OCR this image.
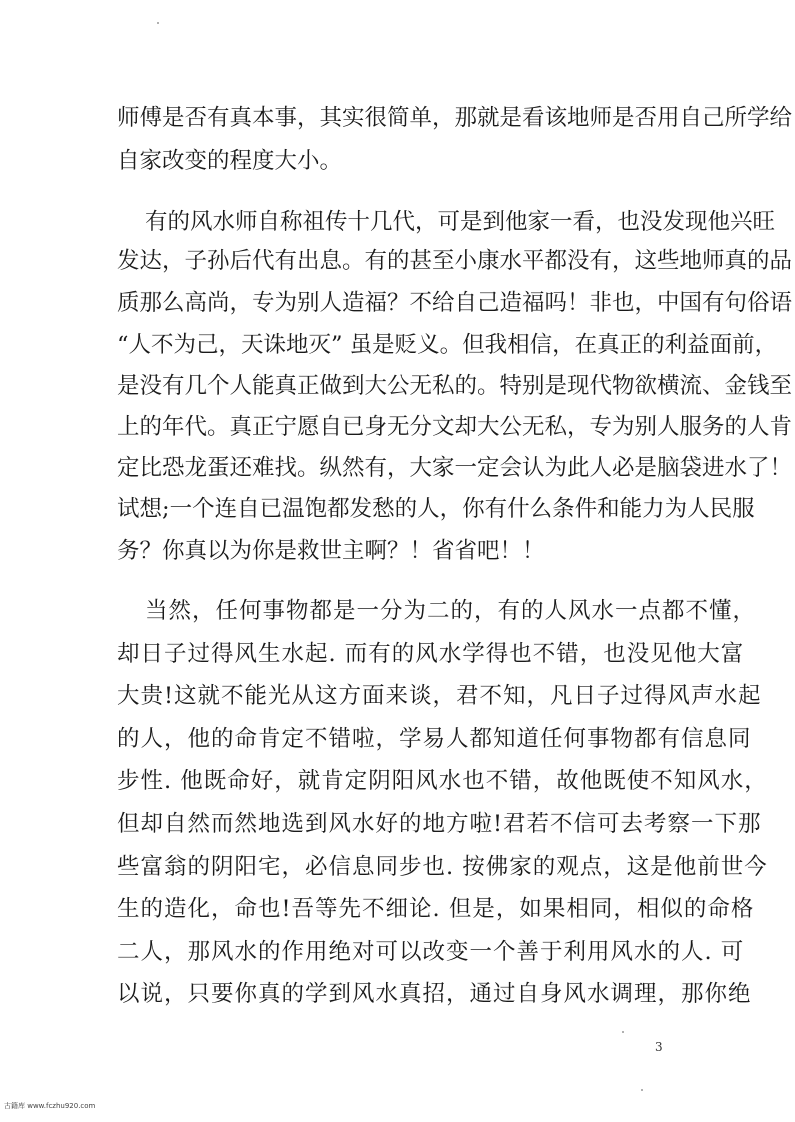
师傅是否有真本事，其实很简单，那就是看该地师是否用自己所学给
自家改变的程度大小。
有的风水师自称祖传十几代，可是到他家一看，也没发现他兴旺
发达，子孙后代有出息。有的甚至小康水平都没有，这些地师真的品
质那么高尚，专为别人造福？不给自己造福吗！非也，中国有句俗语
“人不为己，天诛地灭” 虽是贬义。但我相信，在真正的利益面前，
是没有几个人能真正做到大公无私的。特别是现代物欲横流、金钱至
上的年代。真正宁愿自已身无分文却大公无私，专为别人服务的人肯
定比恐龙蛋还难找。纵然有，大家一定会认为此人必是脑袋进水了！
试想;一个连自已温饱都发愁的人，你有什么条件和能力为人民服
务？你真以为你是救世主啊？！省省吧！！
当然，任何事物都是一分为二的，有的人风水一点都不懂，
却日子过得风生水起. 而有的风水学得也不错，也没见他大富
大贵!这就不能光从这方面来谈，君不知，凡日子过得风声水起
的人，他的命肯定不错啦，学易人都知道任何事物都有信息同
步性. 他既命好，就肯定阴阳风水也不错，故他既使不知风水，
但却自然而然地选到风水好的地方啦!君若不信可去考察一下那
些富翁的阴阳宅，必信息同步也. 按佛家的观点，这是他前世今
生的造化，命也!吾等先不细论. 但是，如果相同，相似的命格
二人，那风水的作用绝对可以改变一个善于利用风水的人. 可
以说，只要你真的学到风水真招，通过自身风水调理，那你绝
3
古籍库 www.fczhu920.com
